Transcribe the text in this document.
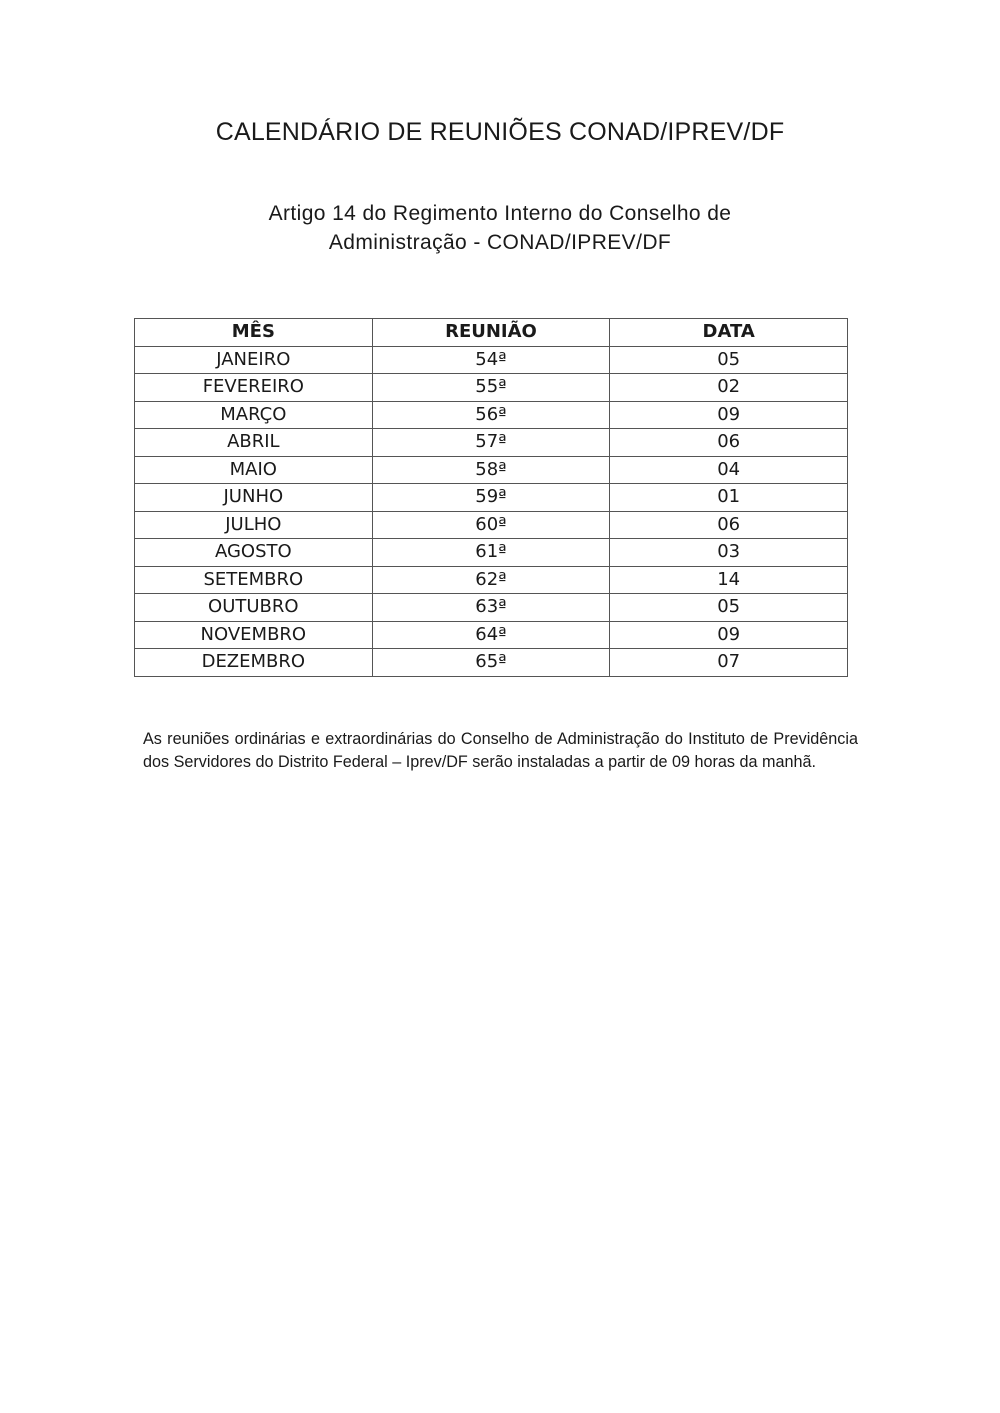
CALENDÁRIO DE REUNIÕES CONAD/IPREV/DF
Artigo 14 do Regimento Interno do Conselho de
Administração - CONAD/IPREV/DF
MÊS	REUNIÃO	DATA
JANEIRO	54ª	05
FEVEREIRO	55ª	02
MARÇO	56ª	09
ABRIL	57ª	06
MAIO	58ª	04
JUNHO	59ª	01
JULHO	60ª	06
AGOSTO	61ª	03
SETEMBRO	62ª	14
OUTUBRO	63ª	05
NOVEMBRO	64ª	09
DEZEMBRO	65ª	07
As reuniões ordinárias e extraordinárias do Conselho de Administração do Instituto de Previdência dos Servidores do Distrito Federal – Iprev/DF serão instaladas a partir de 09 horas da manhã.
